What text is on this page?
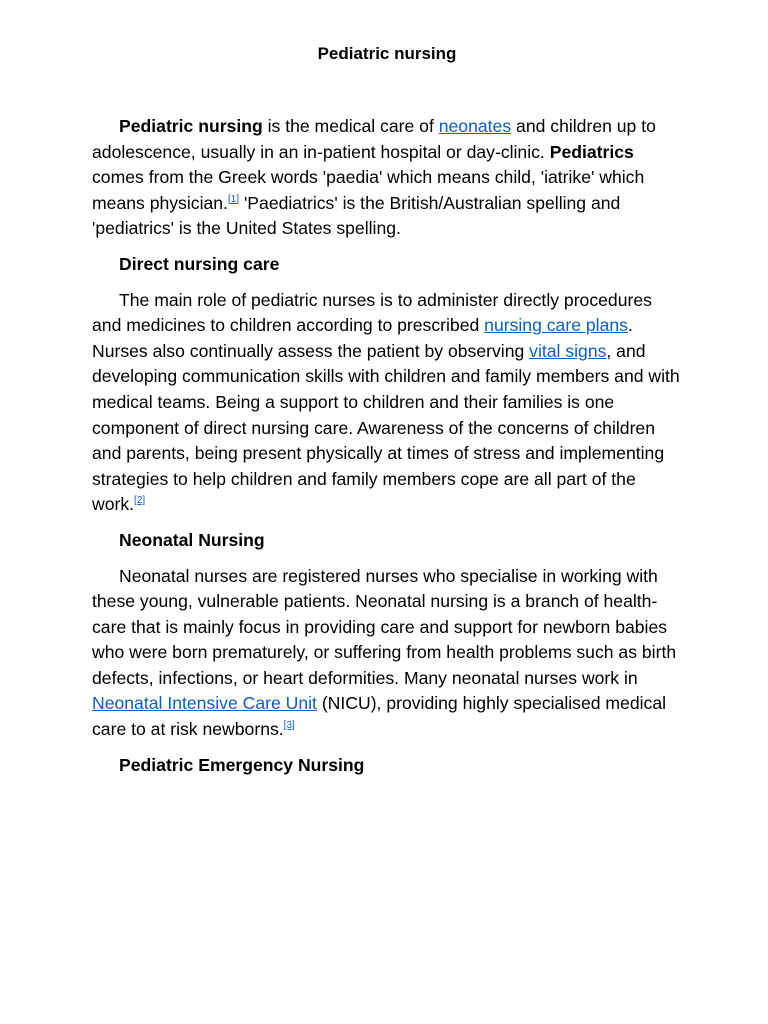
Pediatric nursing

Pediatric nursing is the medical care of neonates and children up to adolescence, usually in an in-patient hospital or day-clinic. Pediatrics comes from the Greek words 'paedia' which means child, 'iatrike' which means physician.[1] 'Paediatrics' is the British/Australian spelling and 'pediatrics' is the United States spelling.

Direct nursing care

The main role of pediatric nurses is to administer directly procedures and medicines to children according to prescribed nursing care plans. Nurses also continually assess the patient by observing vital signs, and developing communication skills with children and family members and with medical teams. Being a support to children and their families is one component of direct nursing care. Awareness of the concerns of children and parents, being present physically at times of stress and implementing strategies to help children and family members cope are all part of the work.[2]

Neonatal Nursing

Neonatal nurses are registered nurses who specialise in working with these young, vulnerable patients. Neonatal nursing is a branch of health-care that is mainly focus in providing care and support for newborn babies who were born prematurely, or suffering from health problems such as birth defects, infections, or heart deformities. Many neonatal nurses work in Neonatal Intensive Care Unit (NICU), providing highly specialised medical care to at risk newborns.[3]

Pediatric Emergency Nursing
